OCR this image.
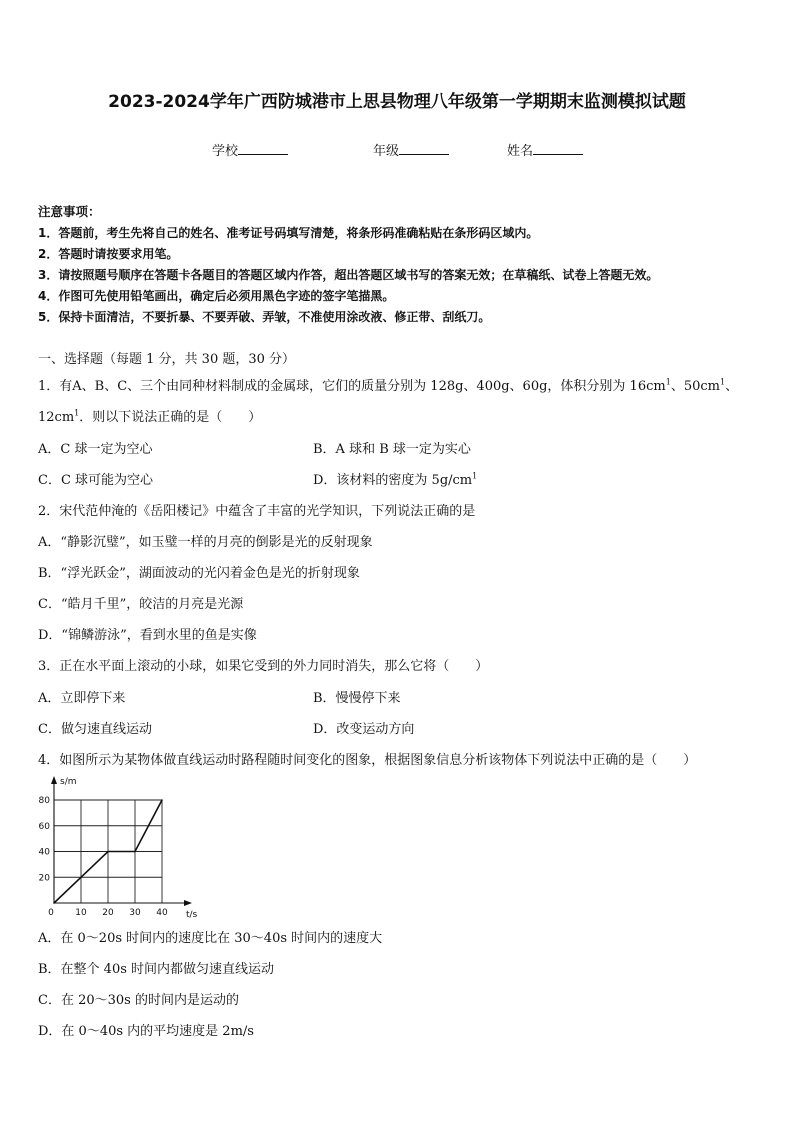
2023-2024学年广西防城港市上思县物理八年级第一学期期末监测模拟试题
学校	年级	姓名
注意事项：
1．答题前，考生先将自己的姓名、准考证号码填写清楚，将条形码准确粘贴在条形码区域内。
2．答题时请按要求用笔。
3．请按照题号顺序在答题卡各题目的答题区域内作答，超出答题区域书写的答案无效；在草稿纸、试卷上答题无效。
4．作图可先使用铅笔画出，确定后必须用黑色字迹的签字笔描黑。
5．保持卡面清洁，不要折暴、不要弄破、弄皱，不准使用涂改液、修正带、刮纸刀。
一、选择题（每题 1 分，共 30 题，30 分）
1．有A、B、C、三个由同种材料制成的金属球，它们的质量分别为 128g、400g、60g，体积分别为 $16cm^1$、$50cm^1$、
$12cm^1$．则以下说法正确的是（　　）
A．C 球一定为空心	B．A 球和 B 球一定为实心
C．C 球可能为空心	D．该材料的密度为 $5g/cm^1$
2．宋代范仲淹的《岳阳楼记》中蕴含了丰富的光学知识，下列说法正确的是
A．“静影沉璧”，如玉璧一样的月亮的倒影是光的反射现象
B．“浮光跃金”，湖面波动的光闪着金色是光的折射现象
C．“皓月千里”，皎洁的月亮是光源
D．“锦鳞游泳”，看到水里的鱼是实像
3．正在水平面上滚动的小球，如果它受到的外力同时消失，那么它将（　　）
A．立即停下来	B．慢慢停下来
C．做匀速直线运动	D．改变运动方向
4．如图所示为某物体做直线运动时路程随时间变化的图象，根据图象信息分析该物体下列说法中正确的是（　　）
10 20 30 40
20
40
60
80
0
s/m
t/s
A．在 0～20s 时间内的速度比在 30～40s 时间内的速度大
B．在整个 40s 时间内都做匀速直线运动
C．在 20～30s 的时间内是运动的
D．在 0～40s 内的平均速度是 2m/s
